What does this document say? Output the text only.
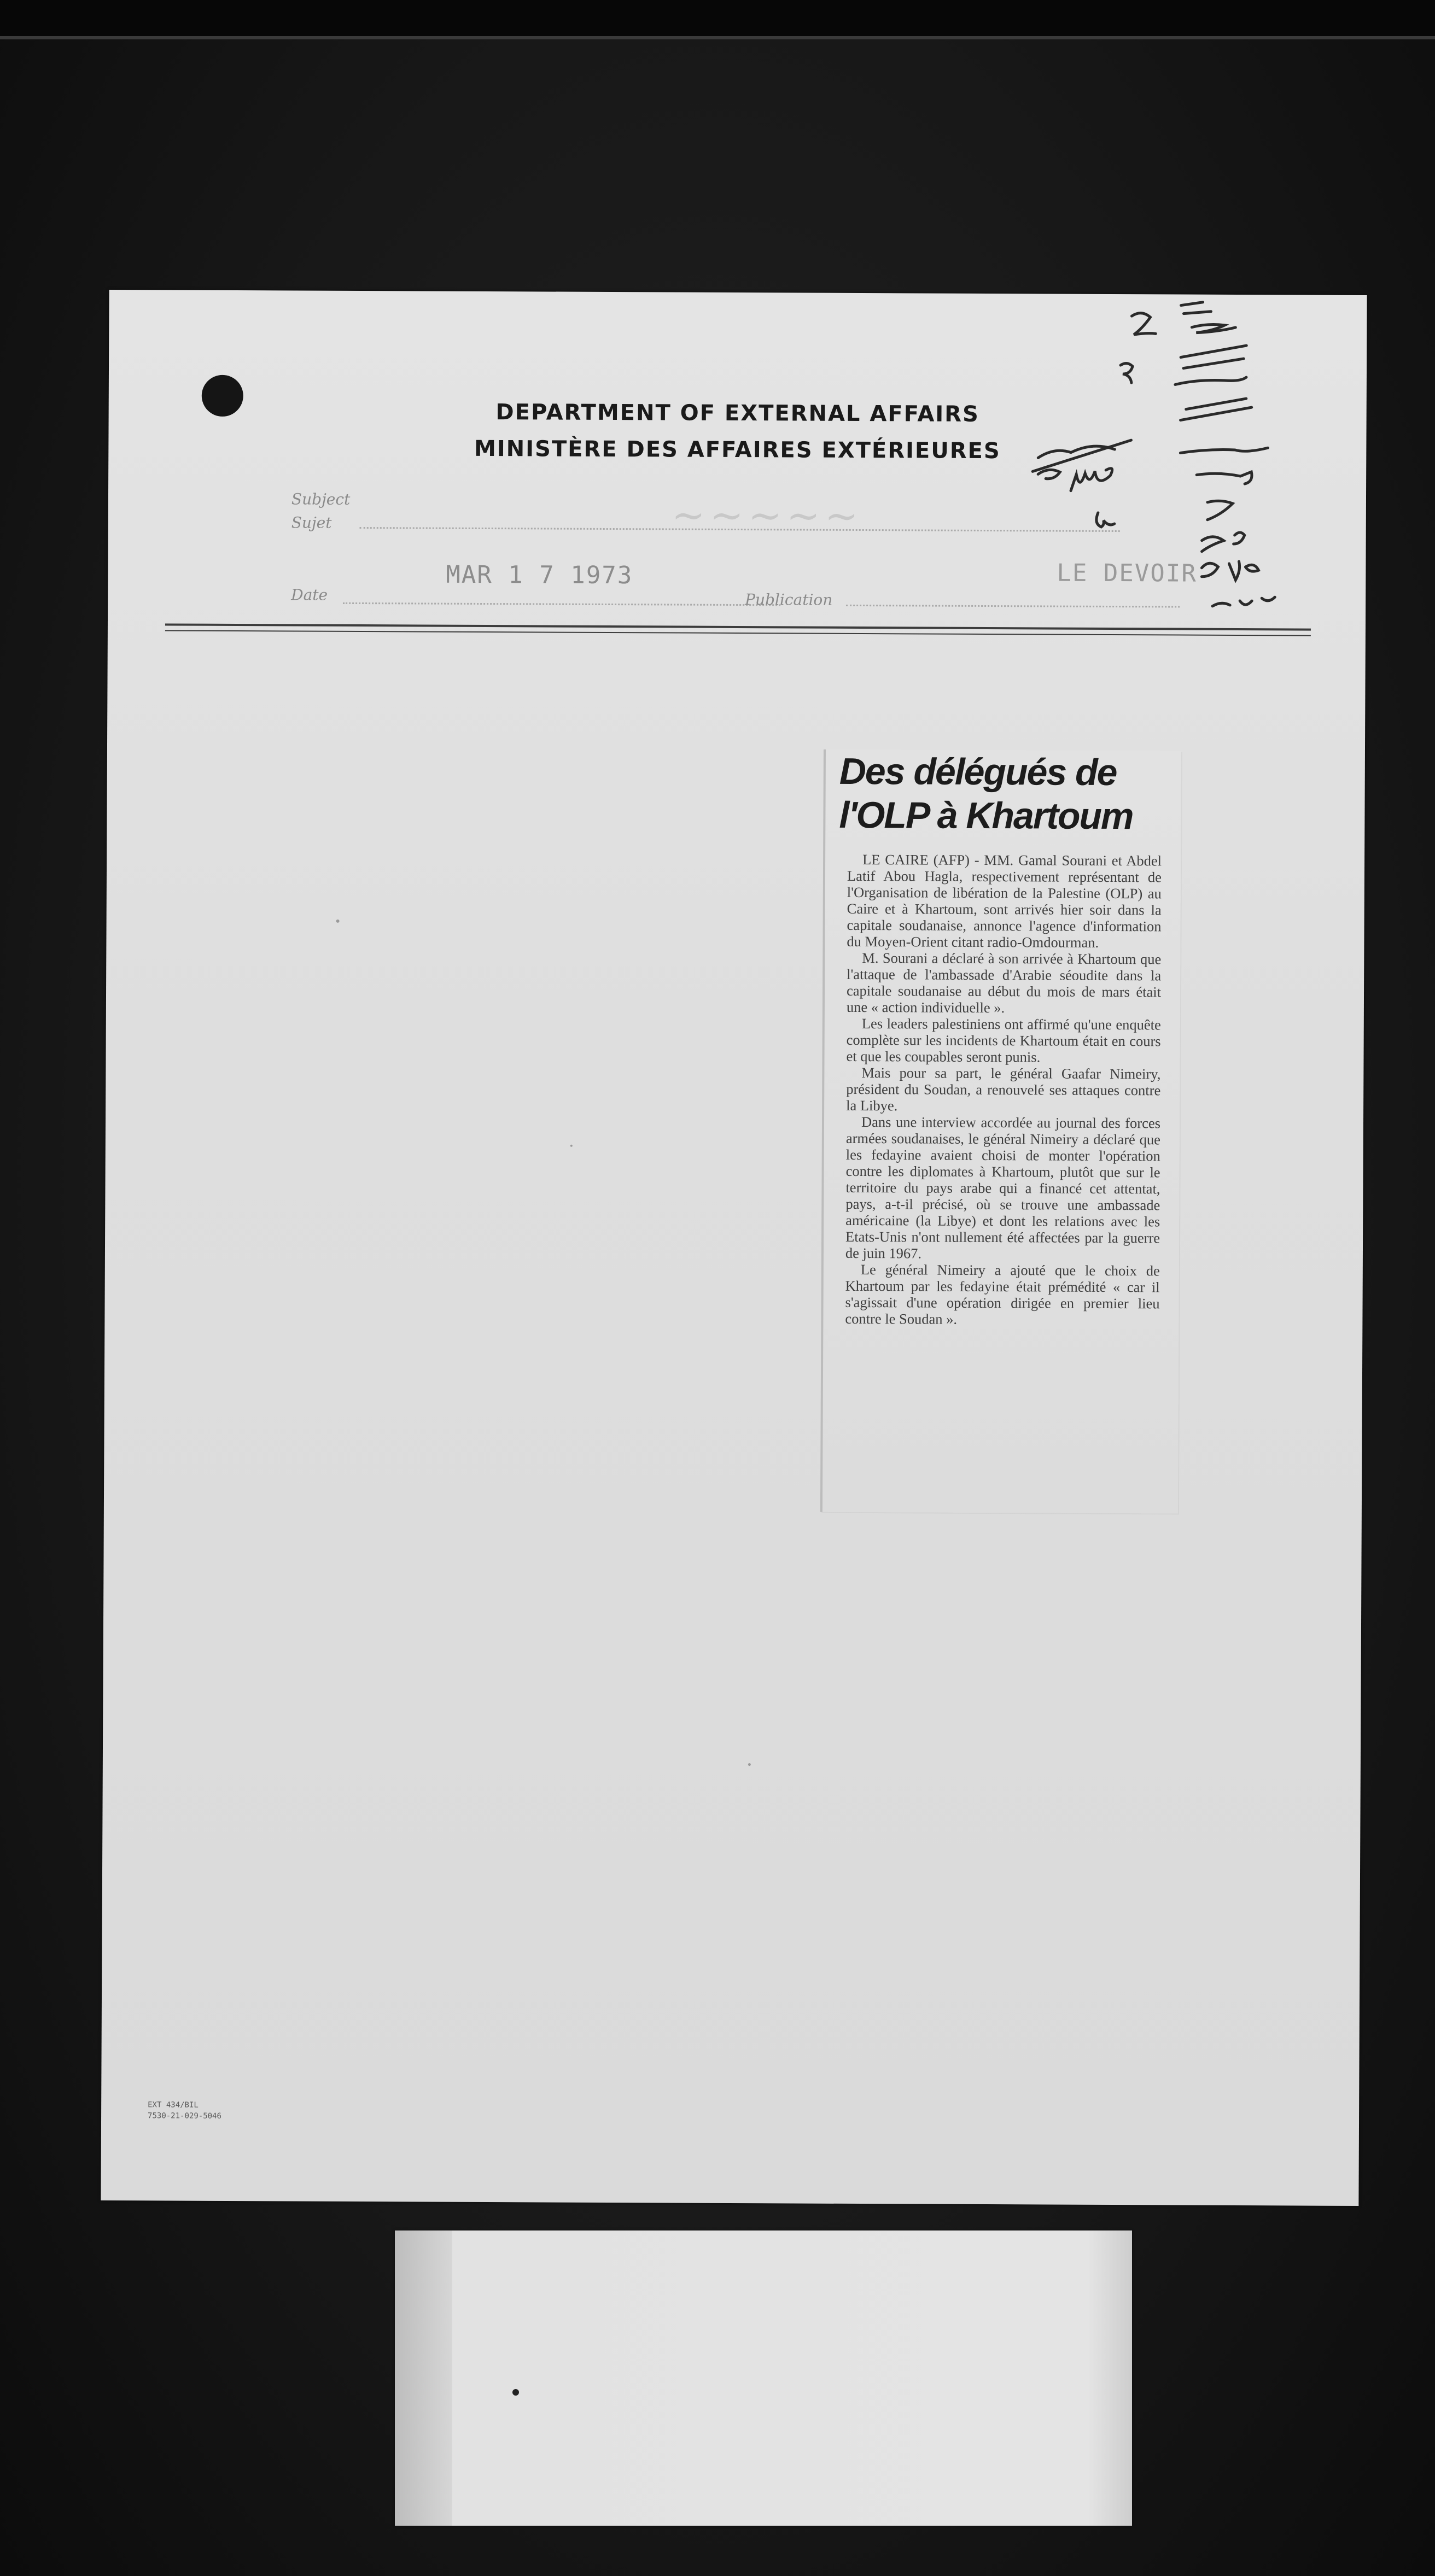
DEPARTMENT OF EXTERNAL AFFAIRS
MINISTÈRE DES AFFAIRES EXTÉRIEURES
Subject
Sujet	~~~~~
Date
MAR 1 7 1973
Publication
LE DEVOIR
Des délégués de
l'OLP à Khartoum

LE CAIRE (AFP) - MM. Gamal Sourani et Abdel Latif Abou Hagla, respectivement représentant de l'Organisation de libération de la Palestine (OLP) au Caire et à Khartoum, sont arrivés hier soir dans la capitale soudanaise, annonce l'agence d'information du Moyen-Orient citant radio-Omdourman.

M. Sourani a déclaré à son arrivée à Khartoum que l'attaque de l'ambassade d'Arabie séoudite dans la capitale soudanaise au début du mois de mars était une « action individuelle ».

Les leaders palestiniens ont affirmé qu'une enquête complète sur les incidents de Khartoum était en cours et que les coupables seront punis.

Mais pour sa part, le général Gaafar Nimeiry, président du Soudan, a renouvelé ses attaques contre la Libye.

Dans une interview accordée au journal des forces armées soudanaises, le général Nimeiry a déclaré que les fedayine avaient choisi de monter l'opération contre les diplomates à Khartoum, plutôt que sur le territoire du pays arabe qui a financé cet attentat, pays, a-t-il précisé, où se trouve une ambassade américaine (la Libye) et dont les relations avec les Etats-Unis n'ont nullement été affectées par la guerre de juin 1967.

Le général Nimeiry a ajouté que le choix de Khartoum par les fedayine était prémédité « car il s'agissait d'une opération dirigée en premier lieu contre le Soudan ».

EXT 434/BIL
7530-21-029-5046
